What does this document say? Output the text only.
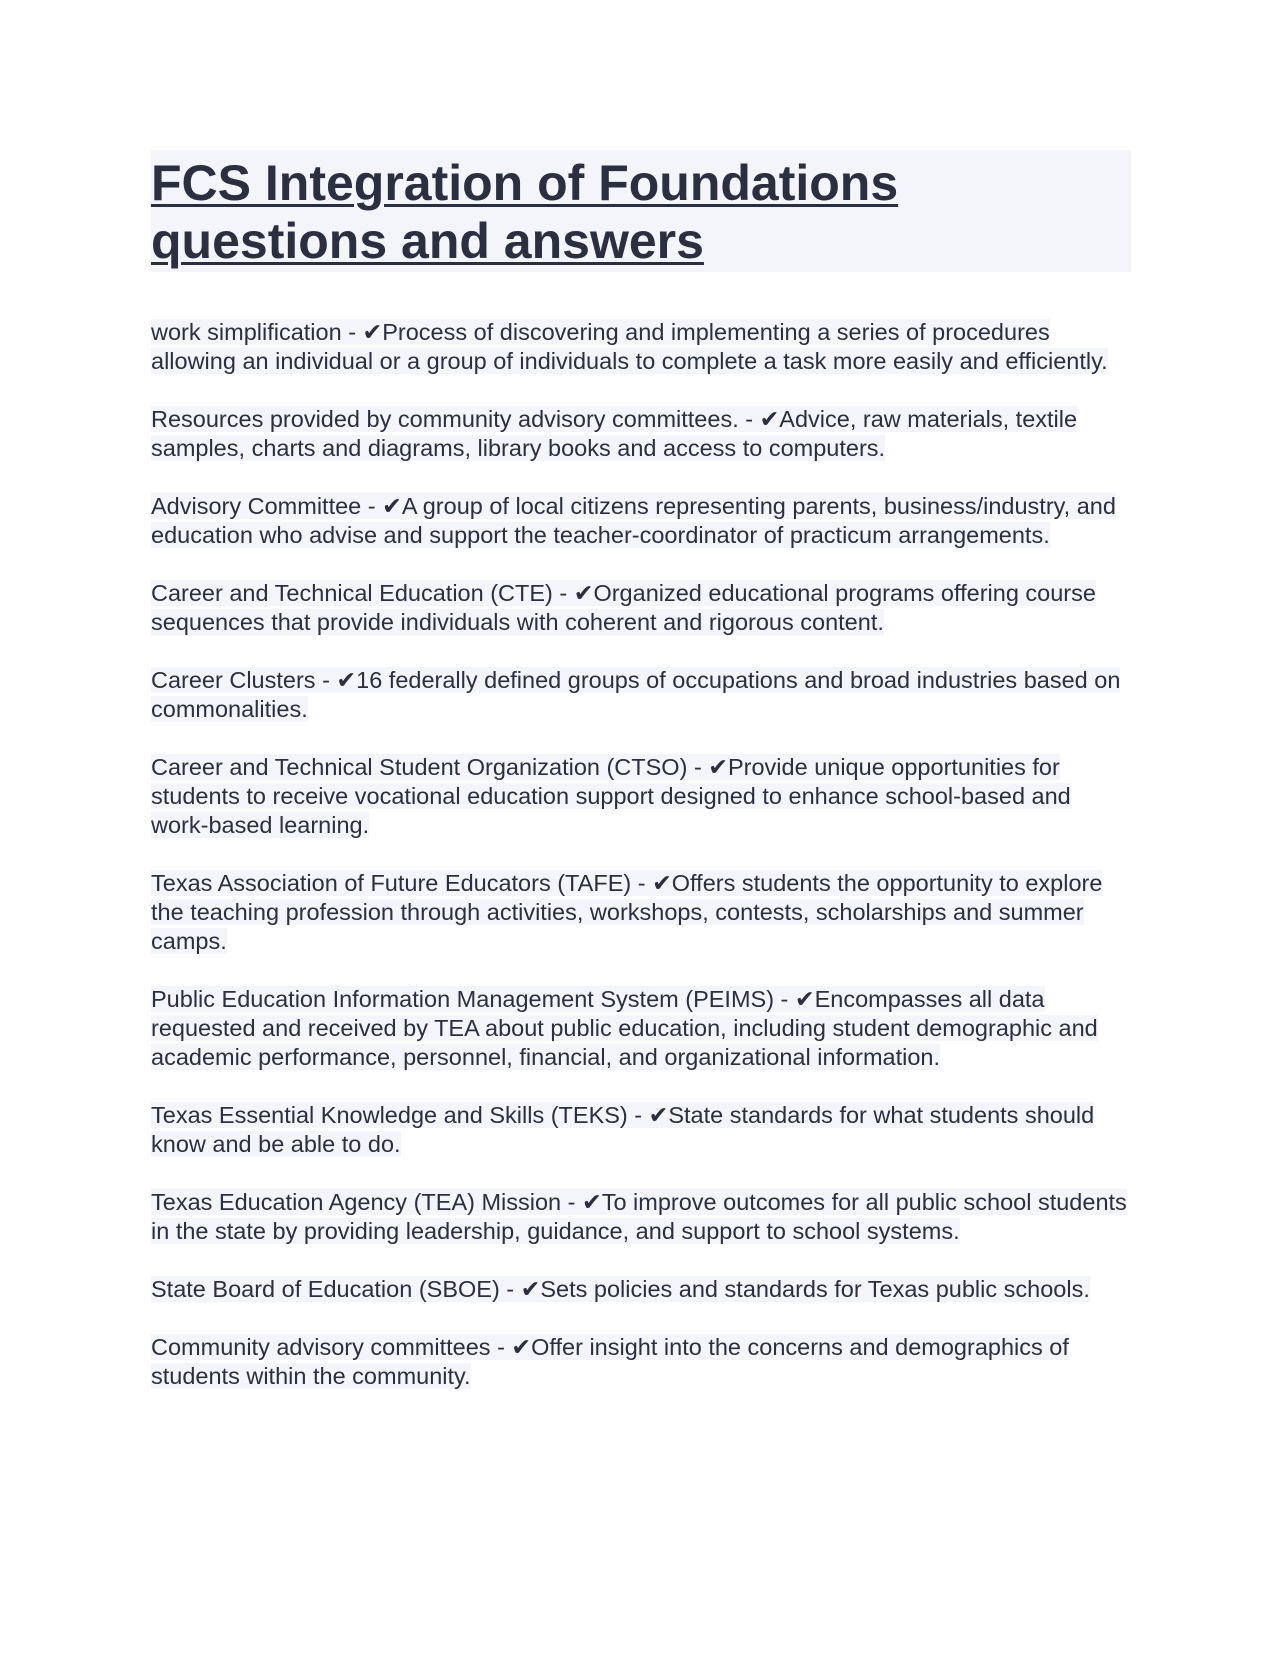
FCS Integration of Foundations questions and answers

work simplification - ✔Process of discovering and implementing a series of procedures allowing an individual or a group of individuals to complete a task more easily and efficiently.

Resources provided by community advisory committees. - ✔Advice, raw materials, textile samples, charts and diagrams, library books and access to computers.

Advisory Committee - ✔A group of local citizens representing parents, business/industry, and education who advise and support the teacher-coordinator of practicum arrangements.

Career and Technical Education (CTE) - ✔Organized educational programs offering course sequences that provide individuals with coherent and rigorous content.

Career Clusters - ✔16 federally defined groups of occupations and broad industries based on commonalities.

Career and Technical Student Organization (CTSO) - ✔Provide unique opportunities for students to receive vocational education support designed to enhance school-based and work-based learning.

Texas Association of Future Educators (TAFE) - ✔Offers students the opportunity to explore the teaching profession through activities, workshops, contests, scholarships and summer camps.

Public Education Information Management System (PEIMS) - ✔Encompasses all data requested and received by TEA about public education, including student demographic and academic performance, personnel, financial, and organizational information.

Texas Essential Knowledge and Skills (TEKS) - ✔State standards for what students should know and be able to do.

Texas Education Agency (TEA) Mission - ✔To improve outcomes for all public school students in the state by providing leadership, guidance, and support to school systems.

State Board of Education (SBOE) - ✔Sets policies and standards for Texas public schools.

Community advisory committees - ✔Offer insight into the concerns and demographics of students within the community.
